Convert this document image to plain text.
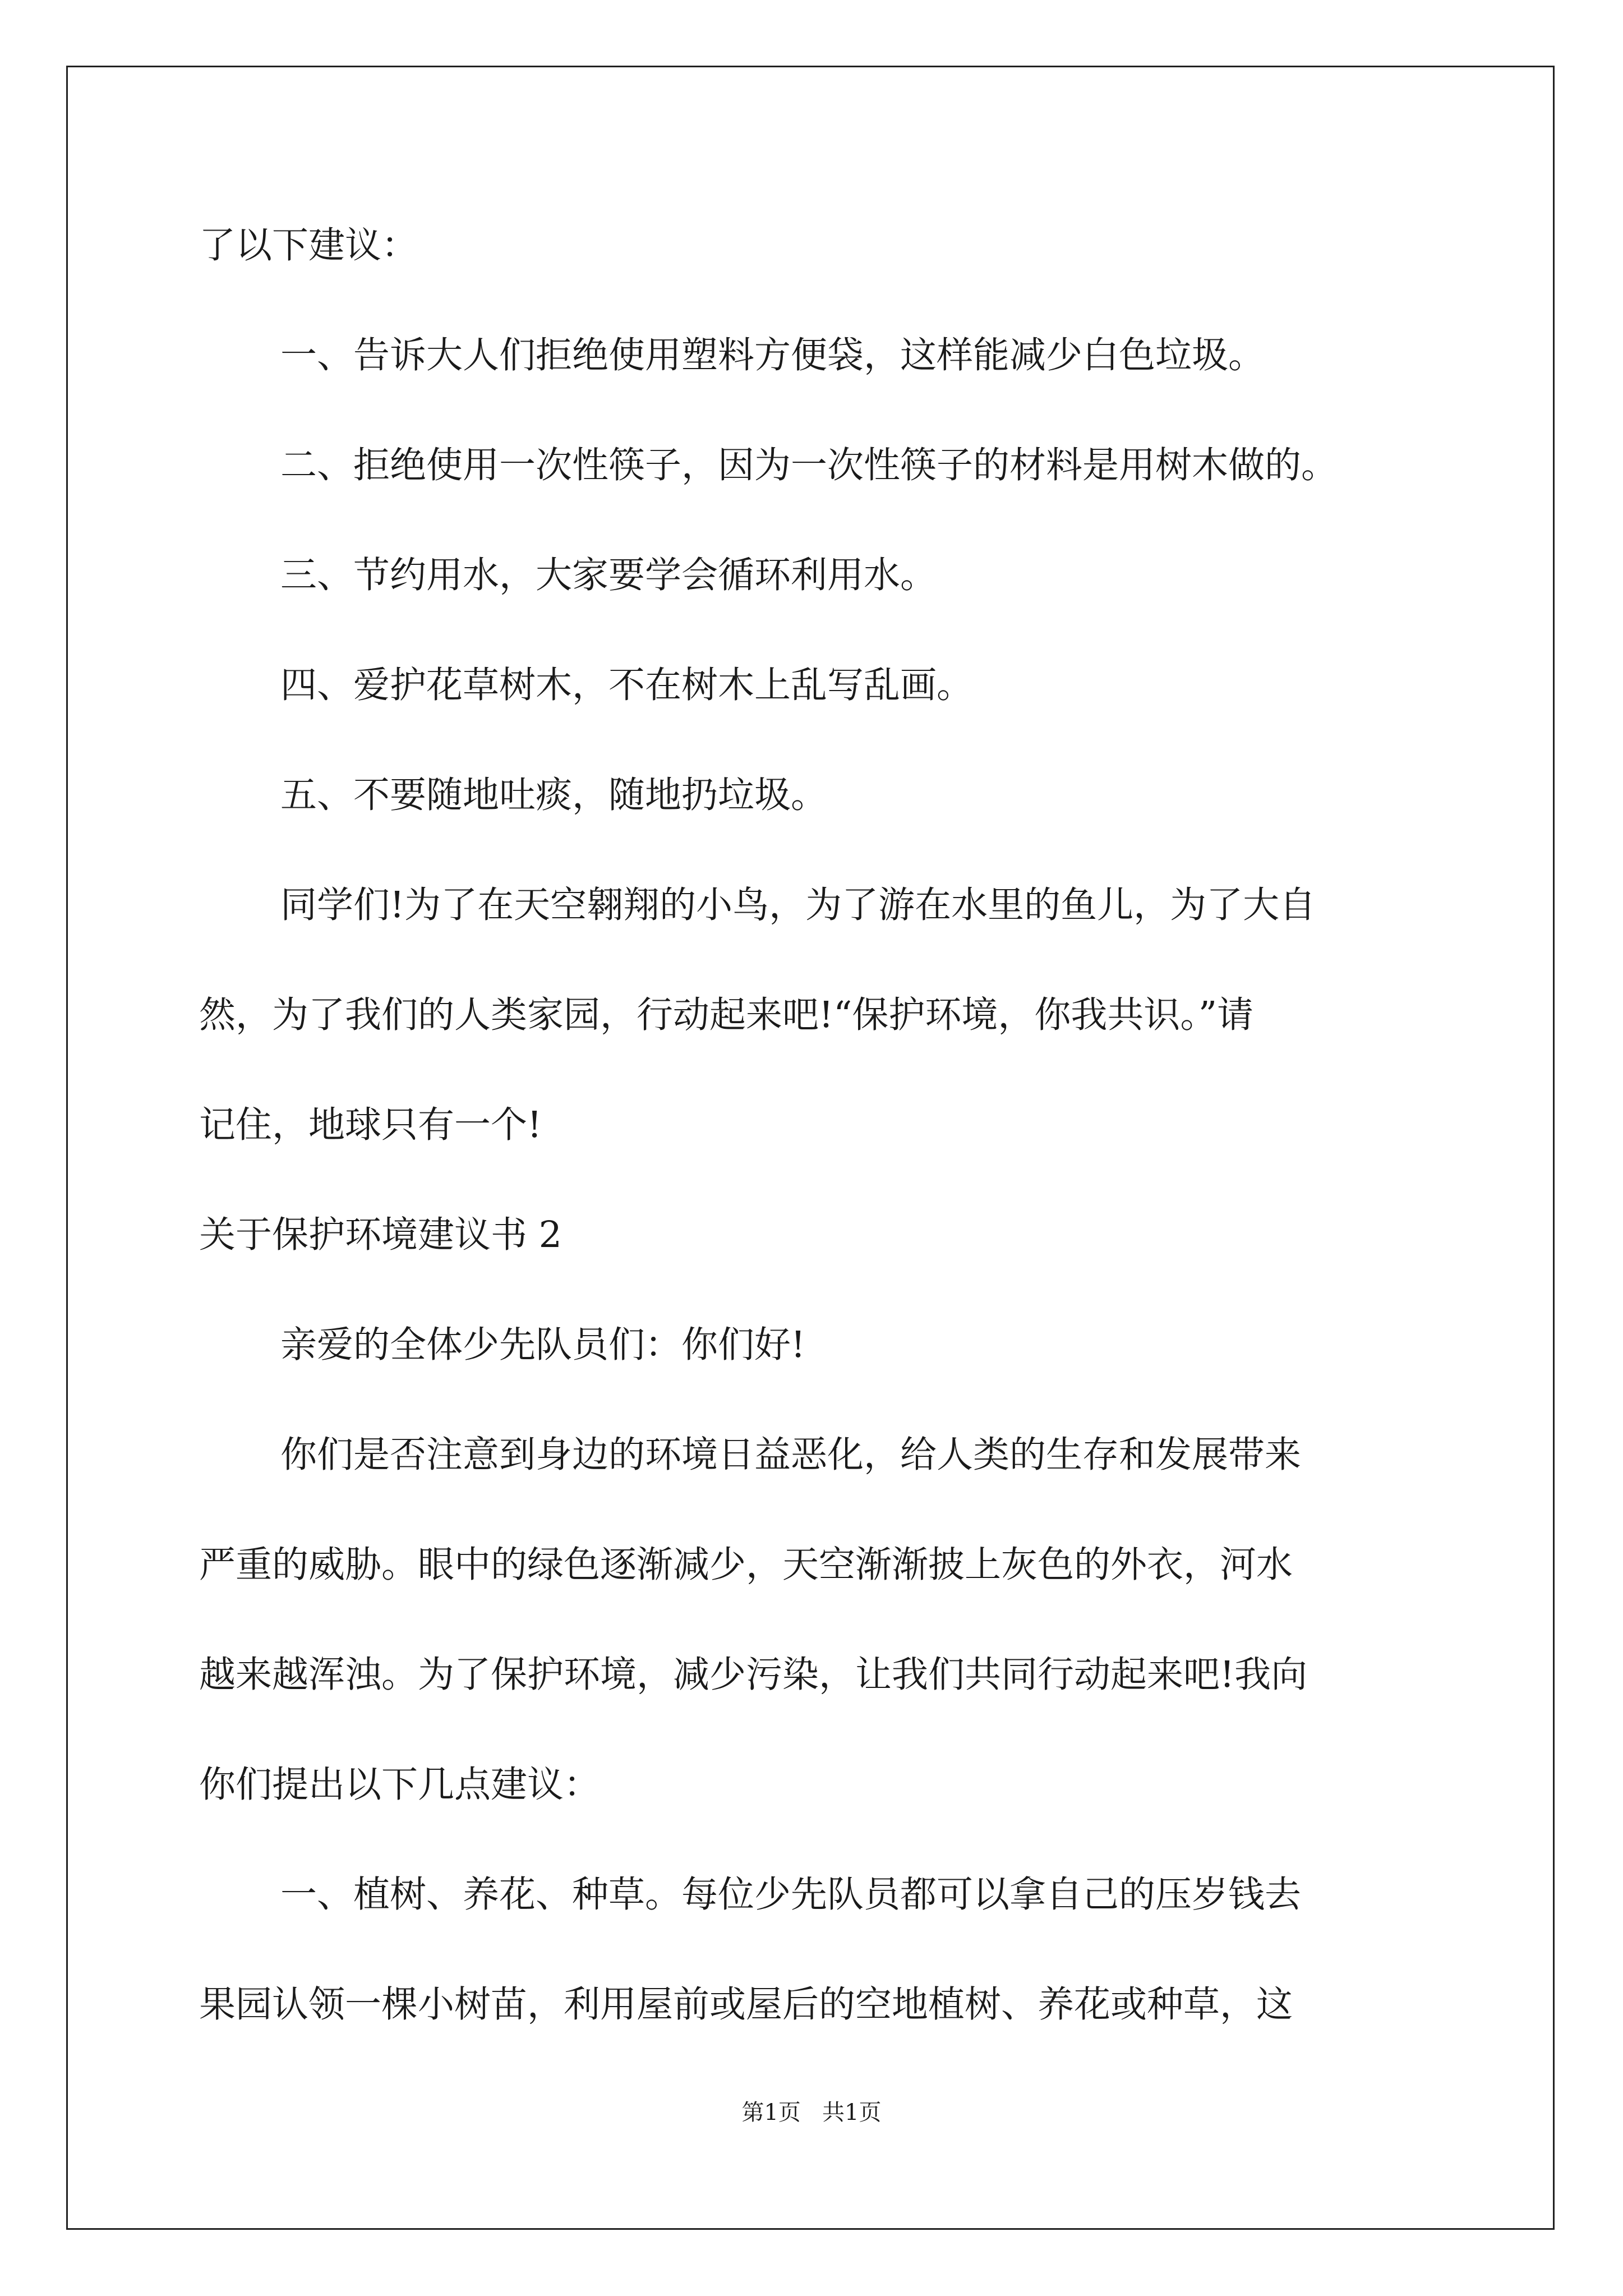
了以下建议：
一、告诉大人们拒绝使用塑料方便袋，这样能减少白色垃圾。
二、拒绝使用一次性筷子，因为一次性筷子的材料是用树木做的。
三、节约用水，大家要学会循环利用水。
四、爱护花草树木，不在树木上乱写乱画。
五、不要随地吐痰，随地扔垃圾。
同学们!为了在天空翱翔的小鸟，为了游在水里的鱼儿，为了大自
然，为了我们的人类家园，行动起来吧!“保护环境，你我共识。”请
记住，地球只有一个!
关于保护环境建议书 2
亲爱的全体少先队员们：你们好!
你们是否注意到身边的环境日益恶化，给人类的生存和发展带来
严重的威胁。眼中的绿色逐渐减少，天空渐渐披上灰色的外衣，河水
越来越浑浊。为了保护环境，减少污染，让我们共同行动起来吧!我向
你们提出以下几点建议：
一、植树、养花、种草。每位少先队员都可以拿自己的压岁钱去
果园认领一棵小树苗，利用屋前或屋后的空地植树、养花或种草，这
第1页   共1页
